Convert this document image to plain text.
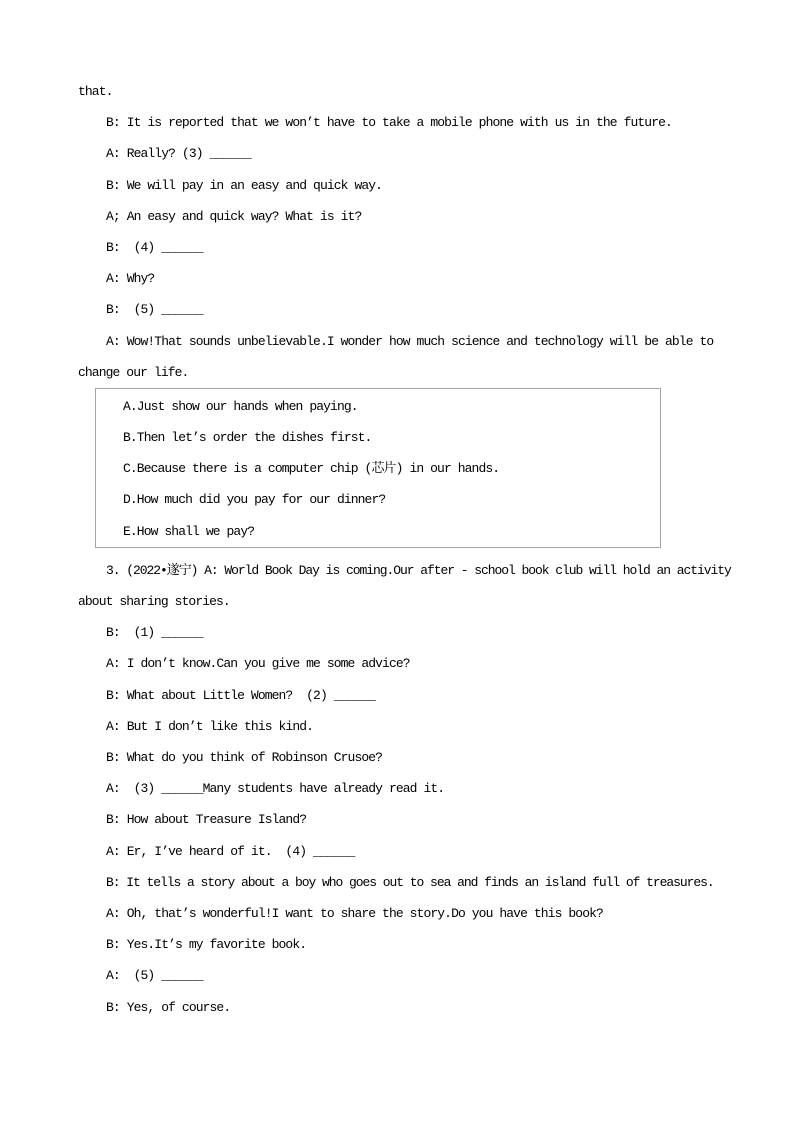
that.
B: It is reported that we won’t have to take a mobile phone with us in the future.
A: Really? (3) ______
B: We will pay in an easy and quick way.
A; An easy and quick way? What is it?
B:  (4) ______
A: Why?
B:  (5) ______
A: Wow!That sounds unbelievable.I wonder how much science and technology will be able to
change our life.
A.Just show our hands when paying.
B.Then let’s order the dishes first.
C.Because there is a computer chip (芯片) in our hands.
D.How much did you pay for our dinner?
E.How shall we pay?
3. (2022•遂宁) A: World Book Day is coming.Our after - school book club will hold an activity
about sharing stories.
B:  (1) ______
A: I don’t know.Can you give me some advice?
B: What about Little Women?  (2) ______
A: But I don’t like this kind.
B: What do you think of Robinson Crusoe?
A:  (3) ______Many students have already read it.
B: How about Treasure Island?
A: Er, I’ve heard of it.  (4) ______
B: It tells a story about a boy who goes out to sea and finds an island full of treasures.
A: Oh, that’s wonderful!I want to share the story.Do you have this book?
B: Yes.It’s my favorite book.
A:  (5) ______
B: Yes, of course.
